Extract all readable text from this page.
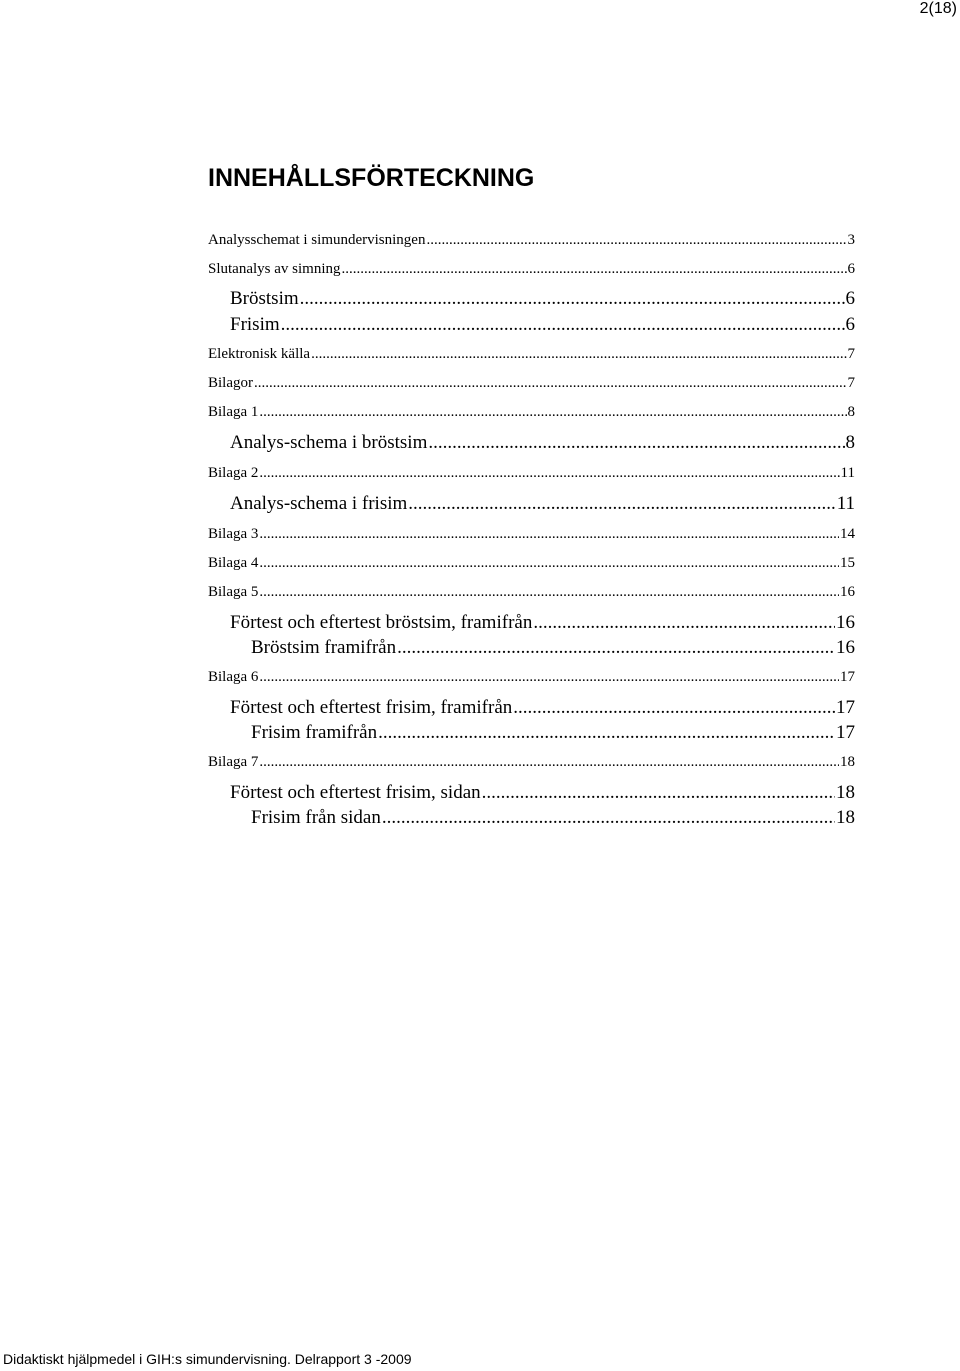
2(18)
INNEHÅLLSFÖRTECKNING
Analysschemat i simundervisningen .....	3
Slutanalys av simning .....	6
Bröstsim .....	6
Frisim .....	6
Elektronisk källa .....	7
Bilagor .....	7
Bilaga 1 .....	8
Analys-schema i bröstsim .....	8
Bilaga 2 .....	11
Analys-schema i frisim .....	11
Bilaga 3 .....	14
Bilaga 4 .....	15
Bilaga 5 .....	16
Förtest och eftertest bröstsim, framifrån .....	16
Bröstsim framifrån .....	16
Bilaga 6 .....	17
Förtest och eftertest frisim, framifrån .....	17
Frisim framifrån .....	17
Bilaga 7 .....	18
Förtest och eftertest frisim, sidan .....	18
Frisim från sidan .....	18
Didaktiskt hjälpmedel i GIH:s simundervisning. Delrapport 3 -2009
